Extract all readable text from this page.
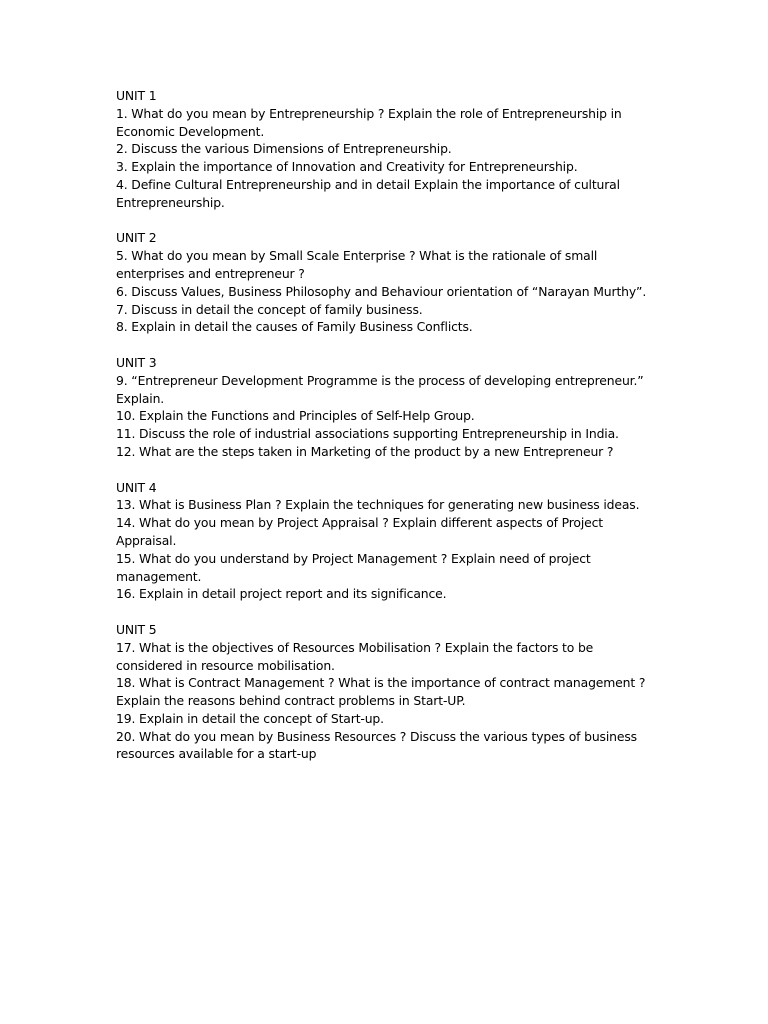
UNIT 1
1. What do you mean by Entrepreneurship ? Explain the role of Entrepreneurship in Economic Development.
2. Discuss the various Dimensions of Entrepreneurship.
3. Explain the importance of Innovation and Creativity for Entrepreneurship.
4. Define Cultural Entrepreneurship and in detail Explain the importance of cultural Entrepreneurship.
UNIT 2
5. What do you mean by Small Scale Enterprise ? What is the rationale of small enterprises and entrepreneur ?
6. Discuss Values, Business Philosophy and Behaviour orientation of “Narayan Murthy”.
7. Discuss in detail the concept of family business.
8. Explain in detail the causes of Family Business Conflicts.
UNIT 3
9. “Entrepreneur Development Programme is the process of developing entrepreneur.” Explain.
10. Explain the Functions and Principles of Self-Help Group.
11. Discuss the role of industrial associations supporting Entrepreneurship in India.
12. What are the steps taken in Marketing of the product by a new Entrepreneur ?
UNIT 4
13. What is Business Plan ? Explain the techniques for generating new business ideas.
14. What do you mean by Project Appraisal ? Explain different aspects of Project Appraisal.
15. What do you understand by Project Management ? Explain need of project management.
16. Explain in detail project report and its significance.
UNIT 5
17. What is the objectives of Resources Mobilisation ? Explain the factors to be considered in resource mobilisation.
18. What is Contract Management ? What is the importance of contract management ? Explain the reasons behind contract problems in Start-UP.
19. Explain in detail the concept of Start-up.
20. What do you mean by Business Resources ? Discuss the various types of business resources available for a start-up
